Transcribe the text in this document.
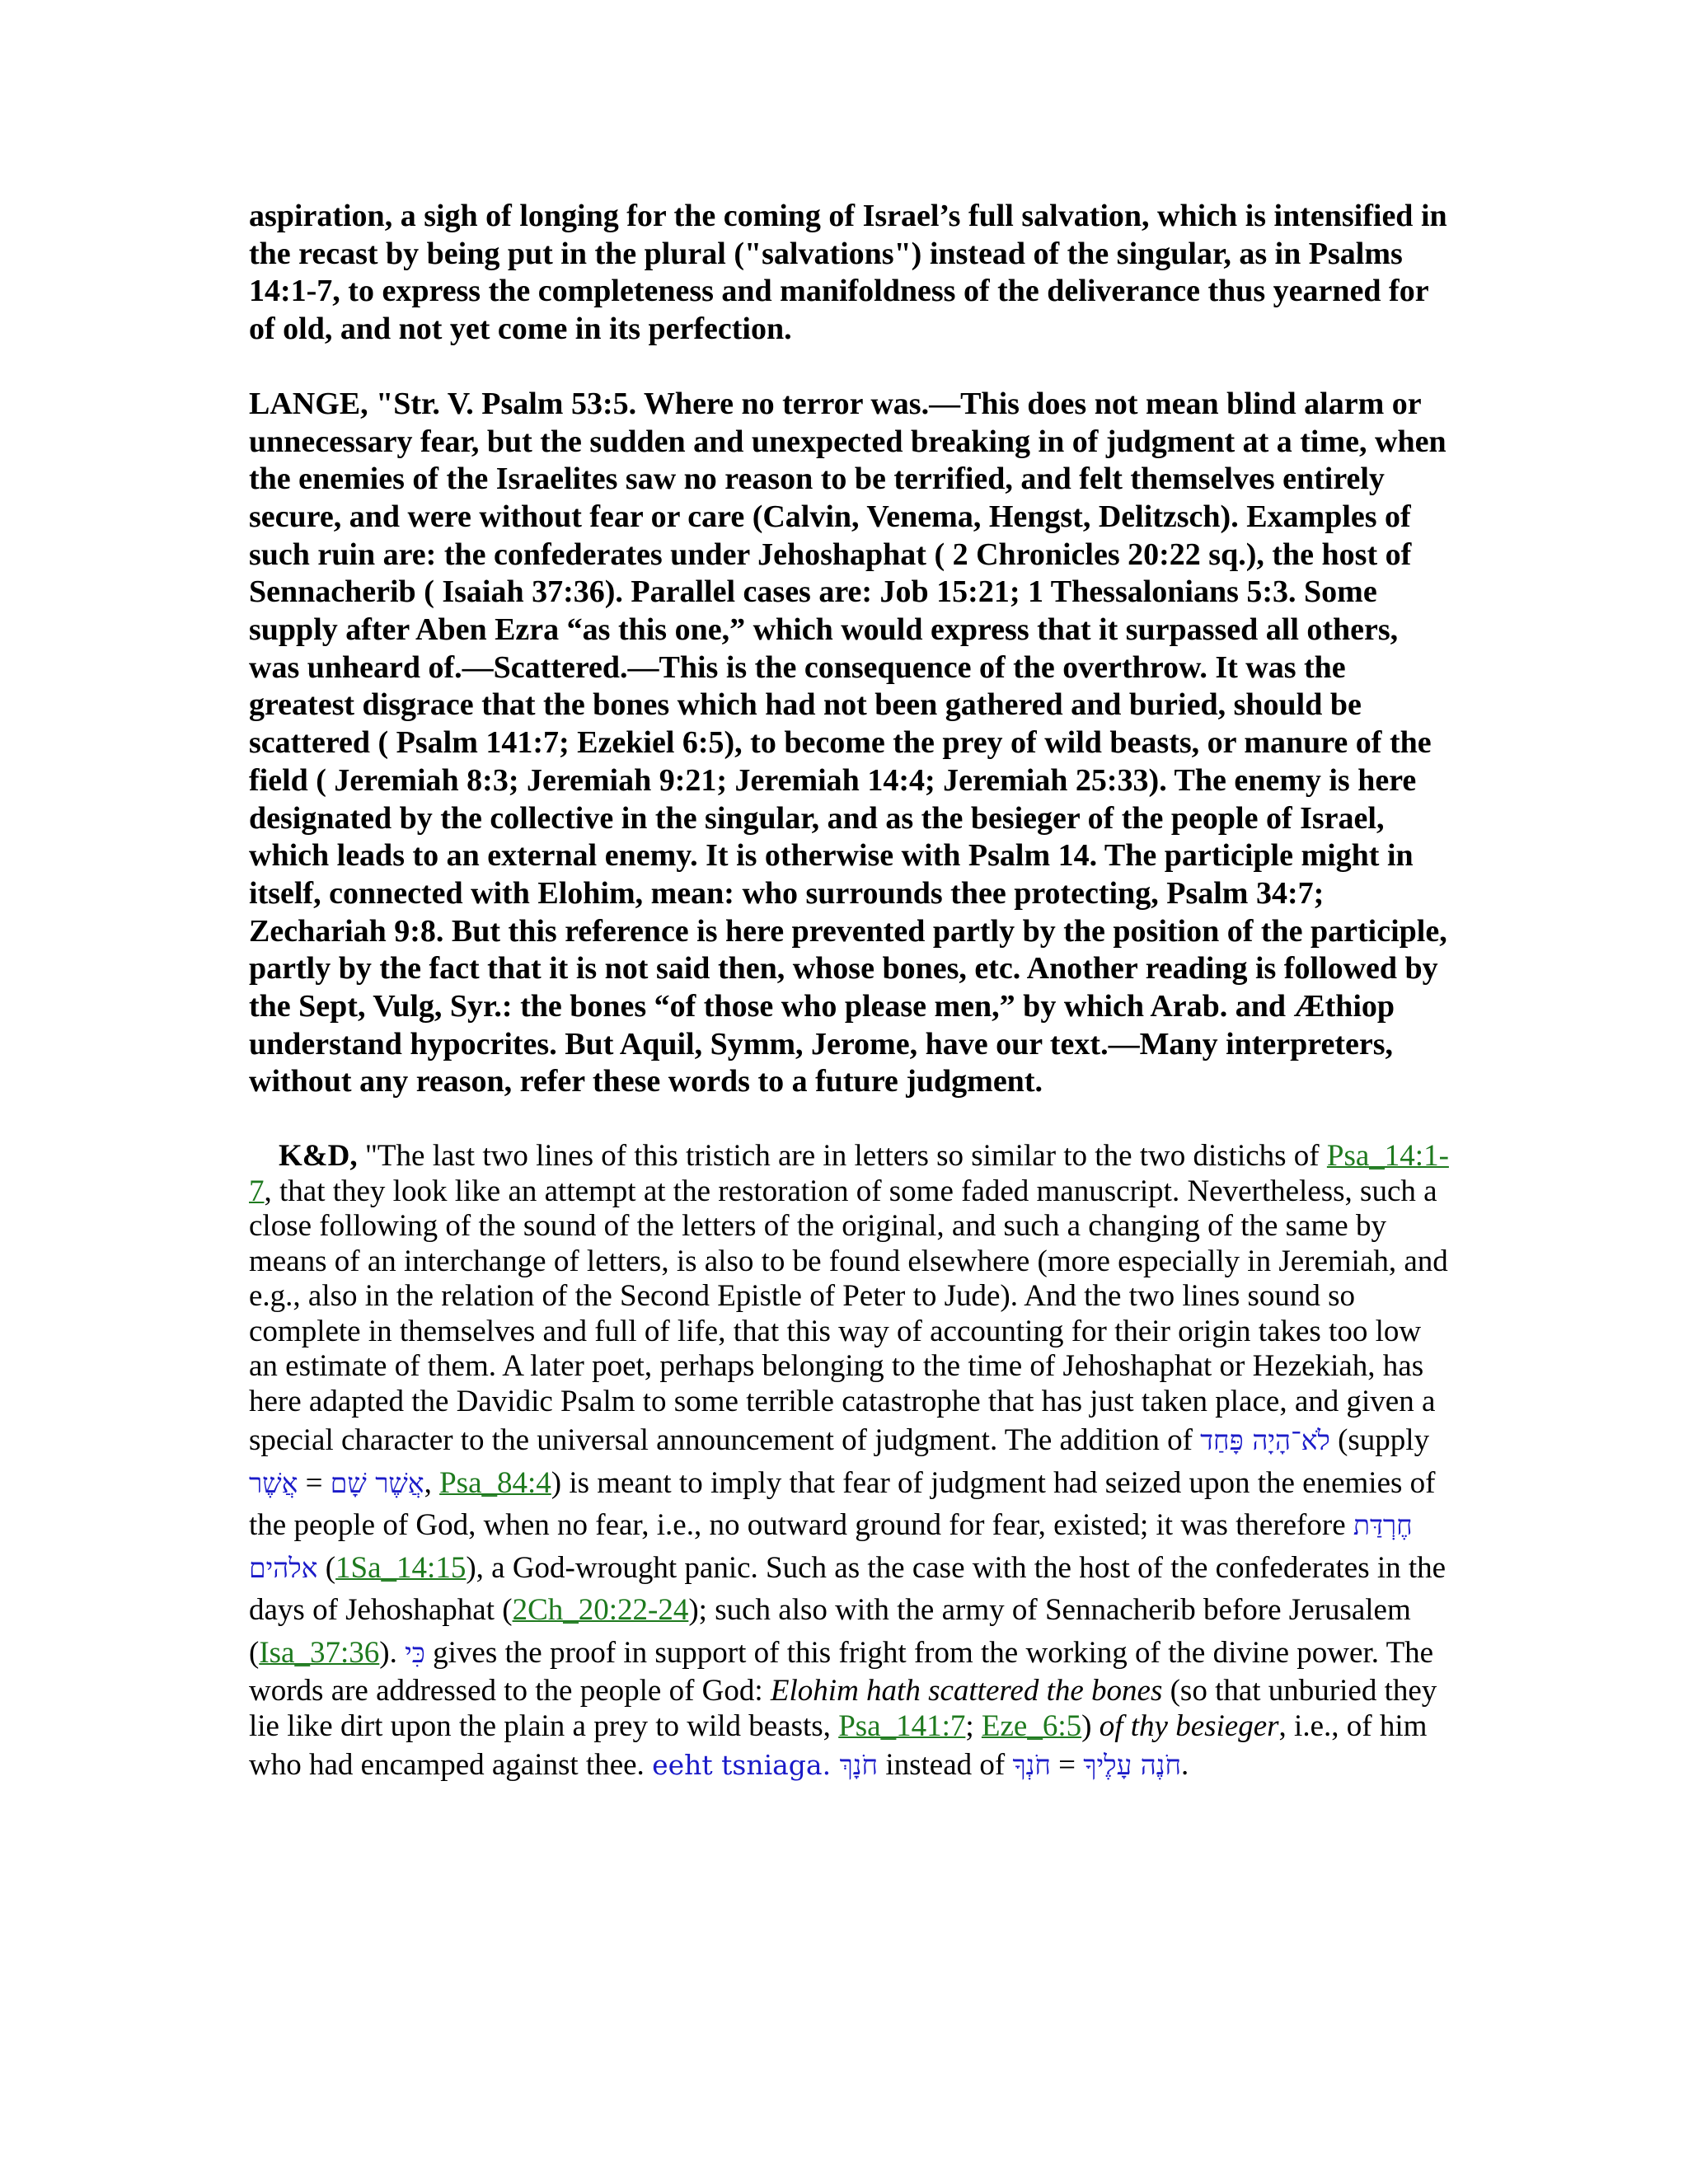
aspiration, a sigh of longing for the coming of Israel’s full salvation, which is intensified in the recast by being put in the plural ("salvations") instead of the singular, as in Psalms 14:1-7, to express the completeness and manifoldness of the deliverance thus yearned for of old, and not yet come in its perfection.

LANGE, "Str. V. Psalm 53:5. Where no terror was.—This does not mean blind alarm or unnecessary fear, but the sudden and unexpected breaking in of judgment at a time, when the enemies of the Israelites saw no reason to be terrified, and felt themselves entirely secure, and were without fear or care (Calvin, Venema, Hengst, Delitzsch). Examples of such ruin are: the confederates under Jehoshaphat ( 2 Chronicles 20:22 sq.), the host of Sennacherib ( Isaiah 37:36). Parallel cases are: Job 15:21; 1 Thessalonians 5:3. Some supply after Aben Ezra “as this one,” which would express that it surpassed all others, was unheard of.—Scattered.—This is the consequence of the overthrow. It was the greatest disgrace that the bones which had not been gathered and buried, should be scattered ( Psalm 141:7; Ezekiel 6:5), to become the prey of wild beasts, or manure of the field ( Jeremiah 8:3; Jeremiah 9:21; Jeremiah 14:4; Jeremiah 25:33). The enemy is here designated by the collective in the singular, and as the besieger of the people of Israel, which leads to an external enemy. It is otherwise with Psalm 14. The participle might in itself, connected with Elohim, mean: who surrounds thee protecting, Psalm 34:7; Zechariah 9:8. But this reference is here prevented partly by the position of the participle, partly by the fact that it is not said then, whose bones, etc. Another reading is followed by the Sept, Vulg, Syr.: the bones “of those who please men,” by which Arab. and Æthiop understand hypocrites. But Aquil, Symm, Jerome, have our text.—Many interpreters, without any reason, refer these words to a future judgment.

K&D, "The last two lines of this tristich are in letters so similar to the two distichs of Psa_14:1-7, that they look like an attempt at the restoration of some faded manuscript. Nevertheless, such a close following of the sound of the letters of the original, and such a changing of the same by means of an interchange of letters, is also to be found elsewhere (more especially in Jeremiah, and e.g., also in the relation of the Second Epistle of Peter to Jude). And the two lines sound so complete in themselves and full of life, that this way of accounting for their origin takes too low an estimate of them. A later poet, perhaps belonging to the time of Jehoshaphat or Hezekiah, has here adapted the Davidic Psalm to some terrible catastrophe that has just taken place, and given a special character to the universal announcement of judgment. The addition of לֹא־הָיָה פָּחַד (supply אֲשֶׁר = אֲשֶׁר שָׁם, Psa_84:4) is meant to imply that fear of judgment had seized upon the enemies of the people of God, when no fear, i.e., no outward ground for fear, existed; it was therefore חֶרְדַּת אלהים (1Sa_14:15), a God-wrought panic. Such as the case with the host of the confederates in the days of Jehoshaphat (2Ch_20:22-24); such also with the army of Sennacherib before Jerusalem (Isa_37:36). כִּי gives the proof in support of this fright from the working of the divine power. The words are addressed to the people of God: Elohim hath scattered the bones (so that unburied they lie like dirt upon the plain a prey to wild beasts, Psa_141:7; Eze_6:5) of thy besieger, i.e., of him who had encamped against thee. חֹנָךְ .eeht tsniaga instead of חֹנְךָ = חֹנֶה עָלֶיךָ.
